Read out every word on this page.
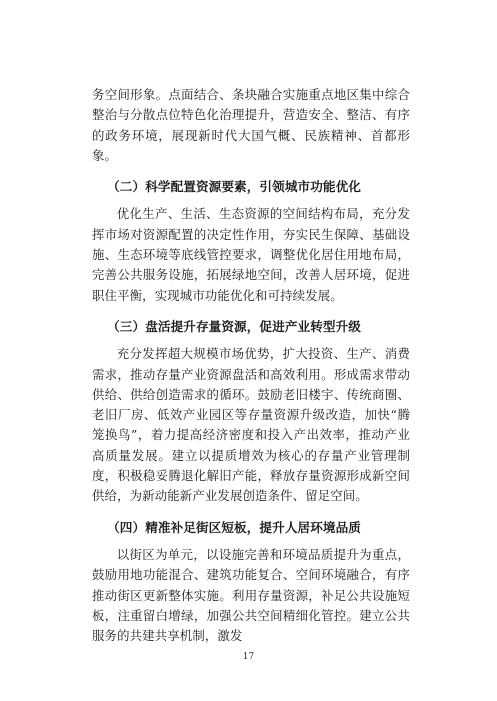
务空间形象。点面结合、条块融合实施重点地区集中综合整治与分散点位特色化治理提升，营造安全、整洁、有序的政务环境，展现新时代大国气概、民族精神、首都形象。

（二）科学配置资源要素，引领城市功能优化

优化生产、生活、生态资源的空间结构布局，充分发挥市场对资源配置的决定性作用，夯实民生保障、基础设施、生态环境等底线管控要求，调整优化居住用地布局，完善公共服务设施，拓展绿地空间，改善人居环境，促进职住平衡，实现城市功能优化和可持续发展。

（三）盘活提升存量资源，促进产业转型升级

充分发挥超大规模市场优势，扩大投资、生产、消费需求，推动存量产业资源盘活和高效利用。形成需求带动供给、供给创造需求的循环。鼓励老旧楼宇、传统商圈、老旧厂房、低效产业园区等存量资源升级改造，加快“腾笼换鸟”，着力提高经济密度和投入产出效率，推动产业高质量发展。建立以提质增效为核心的存量产业管理制度，积极稳妥腾退化解旧产能，释放存量资源形成新空间供给，为新动能新产业发展创造条件、留足空间。

（四）精准补足街区短板，提升人居环境品质

以街区为单元，以设施完善和环境品质提升为重点，鼓励用地功能混合、建筑功能复合、空间环境融合，有序推动街区更新整体实施。利用存量资源，补足公共设施短板，注重留白增绿，加强公共空间精细化管控。建立公共服务的共建共享机制，激发

17
